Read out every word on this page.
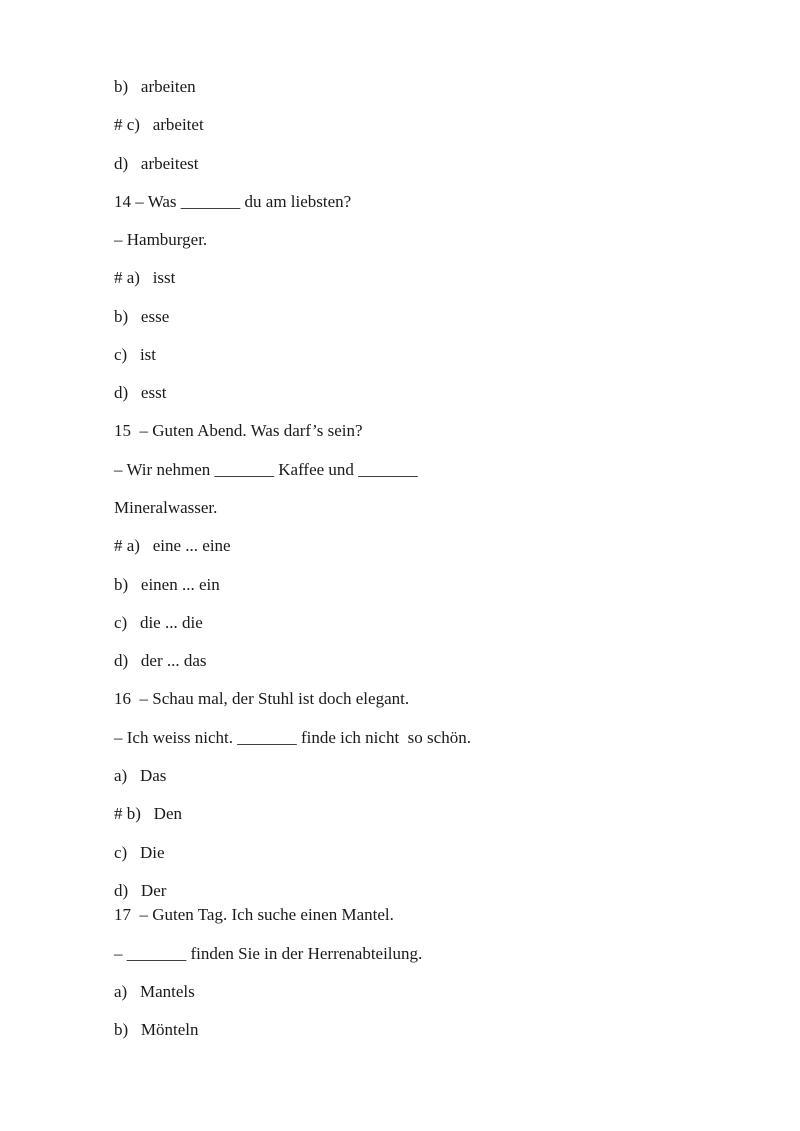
b)   arbeiten

# c)   arbeitet

d)   arbeitest

14 – Was _______ du am liebsten?

– Hamburger.

# a)   isst

b)   esse

c)   ist

d)   esst

15  – Guten Abend. Was darf’s sein?

– Wir nehmen _______ Kaffee und _______

Mineralwasser.

# a)   eine ... eine

b)   einen ... ein

c)   die ... die

d)   der ... das

16  – Schau mal, der Stuhl ist doch elegant.

– Ich weiss nicht. _______ finde ich nicht  so schön.

a)   Das

# b)   Den

c)   Die

d)   Der

17  – Guten Tag. Ich suche einen Mantel.

– _______ finden Sie in der Herrenabteilung.

a)   Mantels

b)   Mönteln
